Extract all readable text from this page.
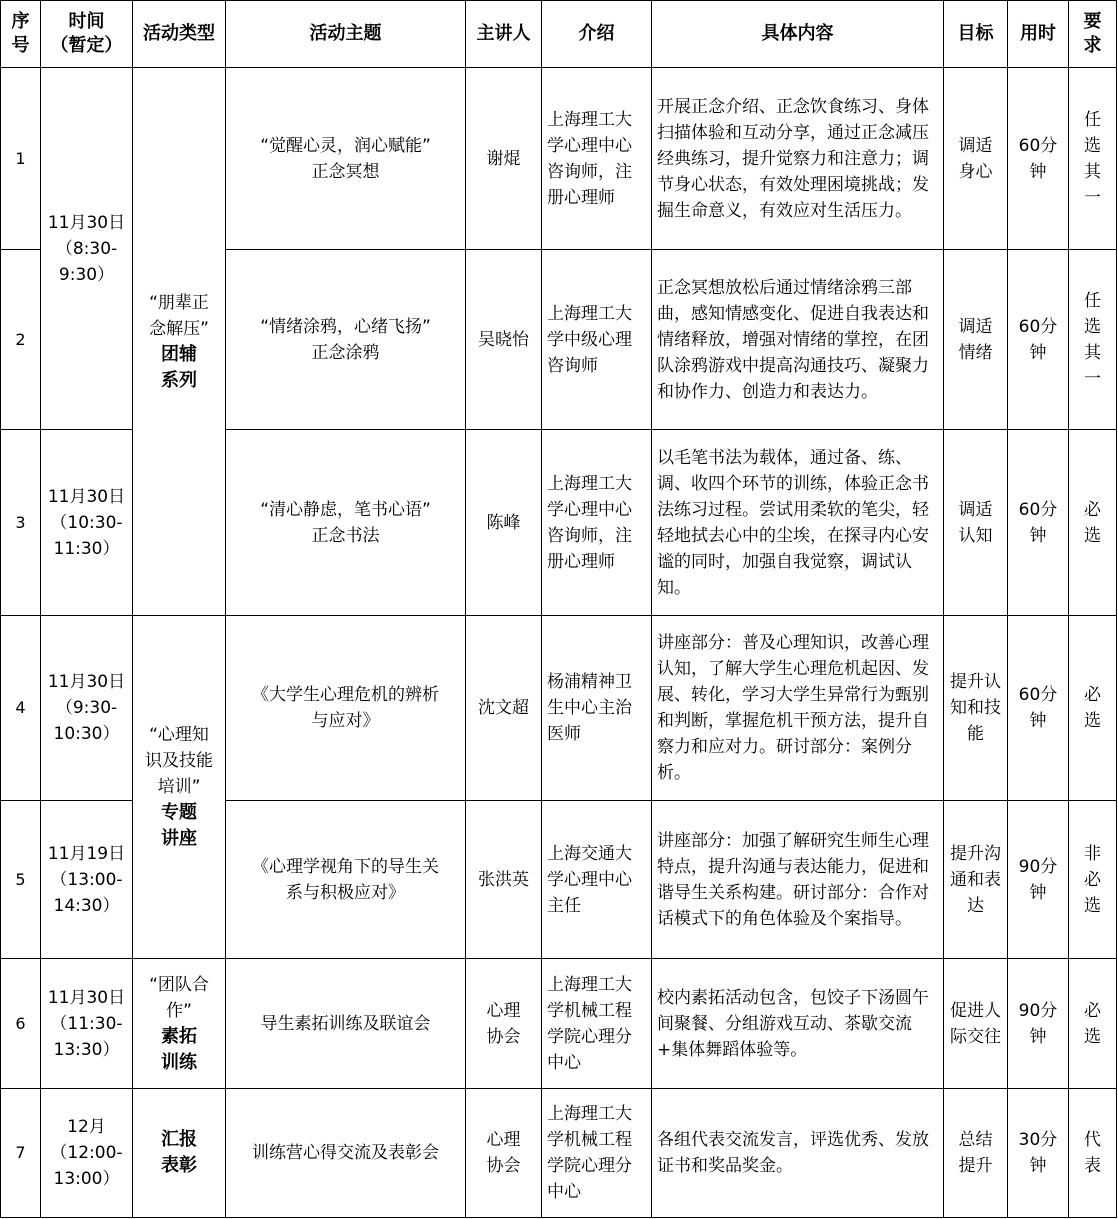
序
号	时间
（暂定）	活动类型	活动主题	主讲人	介绍	具体内容	目标	用时	要
求

1	11月30日
（8:30-
9:30）	“朋辈正
念解压”
团辅
系列	“觉醒心灵，润心赋能”
正念冥想	谢焜	上海理工大学心理中心咨询师，注册心理师	开展正念介绍、正念饮食练习、身体扫描体验和互动分享，通过正念减压经典练习，提升觉察力和注意力；调节身心状态，有效处理困境挑战；发掘生命意义，有效应对生活压力。	调适
身心	60分
钟	任
选
其
一

2			“情绪涂鸦，心绪飞扬”
正念涂鸦	吴晓怡	上海理工大学中级心理咨询师	正念冥想放松后通过情绪涂鸦三部曲，感知情感变化、促进自我表达和情绪释放，增强对情绪的掌控，在团队涂鸦游戏中提高沟通技巧、凝聚力和协作力、创造力和表达力。	调适
情绪	60分
钟	任
选
其
一

3	11月30日
（10:30-
11:30）		“清心静虑，笔书心语”
正念书法	陈峰	上海理工大学心理中心咨询师，注册心理师	以毛笔书法为载体，通过备、练、调、收四个环节的训练，体验正念书法练习过程。尝试用柔软的笔尖，轻轻地拭去心中的尘埃，在探寻内心安谧的同时，加强自我觉察，调试认知。	调适
认知	60分
钟	必
选

4	11月30日
（9:30-
10:30）	“心理知
识及技能
培训”
专题
讲座	《大学生心理危机的辨析
与应对》	沈文超	杨浦精神卫生中心主治医师	讲座部分：普及心理知识，改善心理认知，了解大学生心理危机起因、发展、转化，学习大学生异常行为甄别和判断，掌握危机干预方法，提升自察力和应对力。研讨部分：案例分析。	提升认
知和技
能	60分
钟	必
选

5	11月19日
（13:00-
14:30）		《心理学视角下的导生关
系与积极应对》	张洪英	上海交通大学心理中心主任	讲座部分：加强了解研究生师生心理特点，提升沟通与表达能力，促进和谐导生关系构建。研讨部分：合作对话模式下的角色体验及个案指导。	提升沟
通和表
达	90分
钟	非
必
选

6	11月30日
（11:30-
13:30）	“团队合
作”
素拓
训练	导生素拓训练及联谊会	心理
协会	上海理工大学机械工程学院心理分中心	校内素拓活动包含，包饺子下汤圆午间聚餐、分组游戏互动、茶歇交流+集体舞蹈体验等。	促进人
际交往	90分
钟	必
选

7	12月
（12:00-
13:00）	汇报
表彰	训练营心得交流及表彰会	心理
协会	上海理工大学机械工程学院心理分中心	各组代表交流发言，评选优秀、发放证书和奖品奖金。	总结
提升	30分
钟	代
表
